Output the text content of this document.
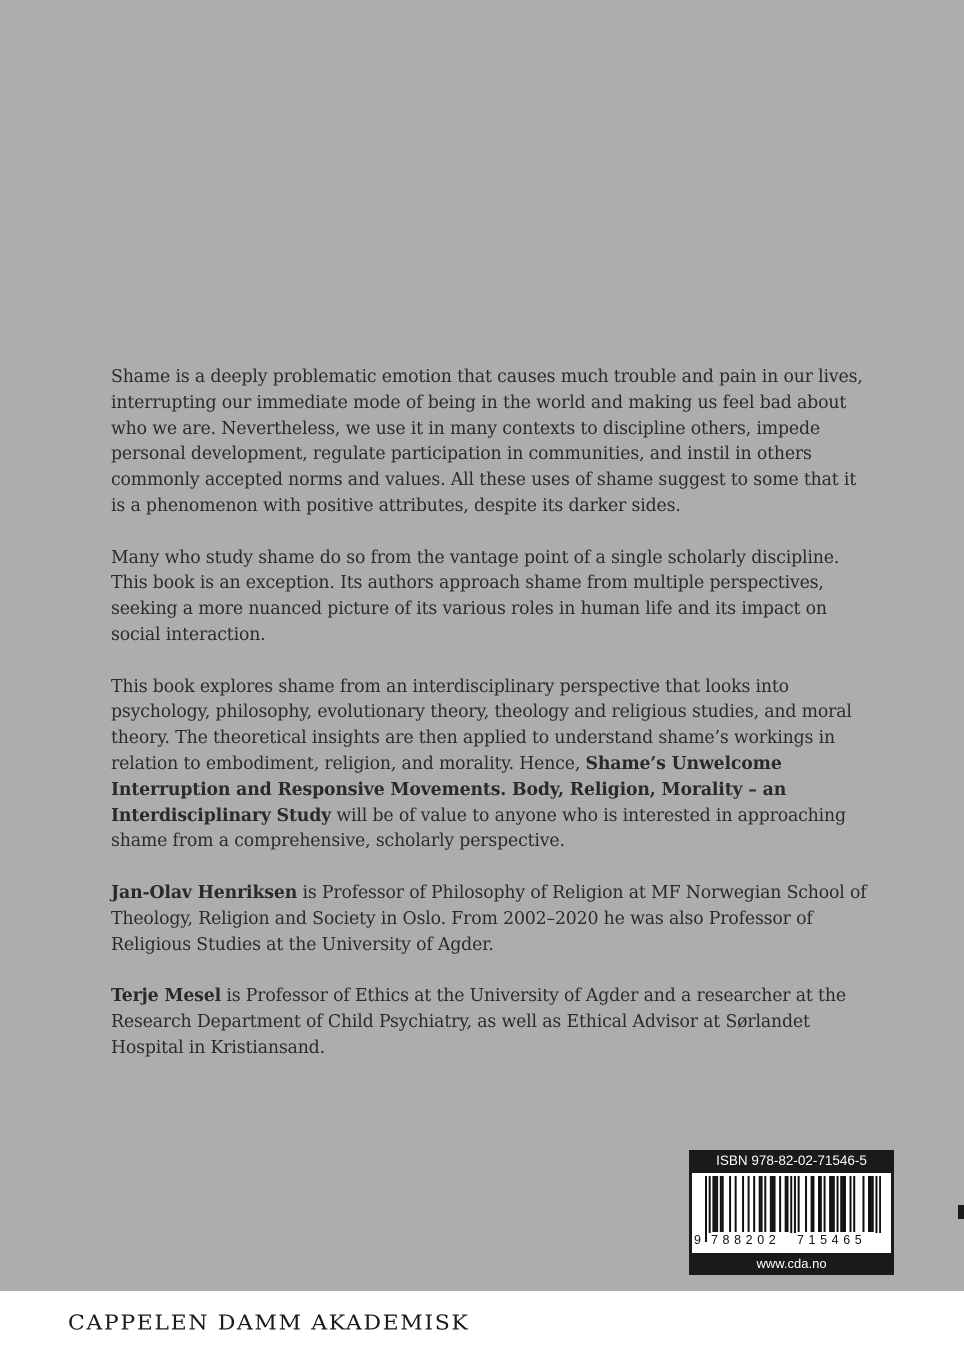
Shame is a deeply problematic emotion that causes much trouble and pain in our lives, interrupting our immediate mode of being in the world and making us feel bad about who we are. Nevertheless, we use it in many contexts to discipline others, impede personal development, regulate participation in communities, and instil in others commonly accepted norms and values. All these uses of shame suggest to some that it is a phenomenon with positive attributes, despite its darker sides.

Many who study shame do so from the vantage point of a single scholarly discipline. This book is an exception. Its authors approach shame from multiple perspectives, seeking a more nuanced picture of its various roles in human life and its impact on social interaction.

This book explores shame from an interdisciplinary perspective that looks into psychology, philosophy, evolutionary theory, theology and religious studies, and moral theory. The theoretical insights are then applied to understand shame’s workings in relation to embodiment, religion, and morality. Hence, Shame’s Unwelcome Interruption and Responsive Movements. Body, Religion, Morality – an Interdisciplinary Study will be of value to anyone who is interested in approaching shame from a comprehensive, scholarly perspective.

Jan-Olav Henriksen is Professor of Philosophy of Religion at MF Norwegian School of Theology, Religion and Society in Oslo. From 2002–2020 he was also Professor of Religious Studies at the University of Agder.

Terje Mesel is Professor of Ethics at the University of Agder and a researcher at the Research Department of Child Psychiatry, as well as Ethical Advisor at Sørlandet Hospital in Kristiansand.

ISBN 978-82-02-71546-5
9 788202	715465
www.cda.no
CAPPELEN DAMM AKADEMISK
